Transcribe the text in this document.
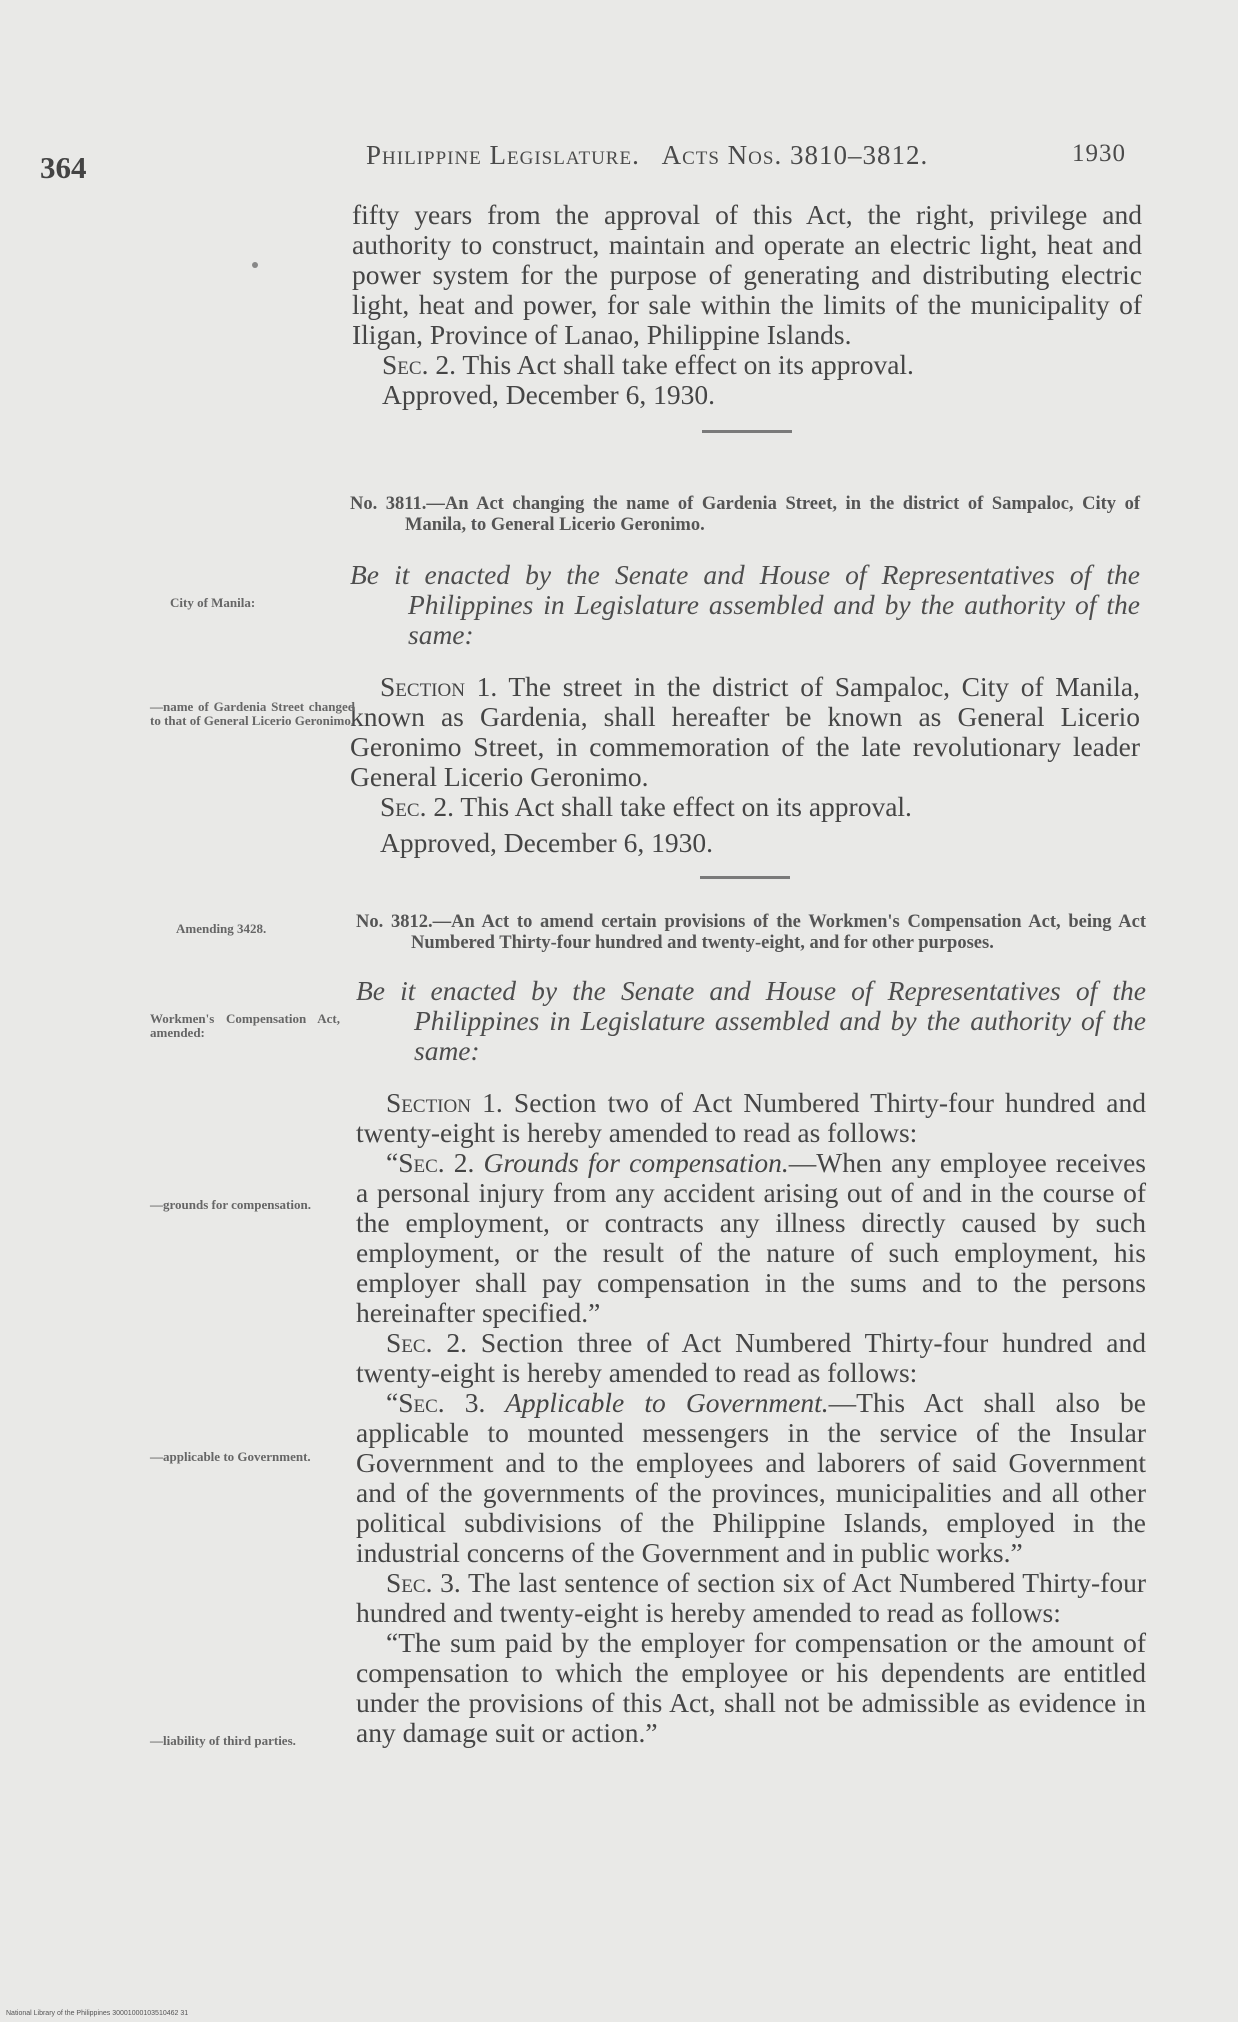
364	Philippine Legislature. Acts Nos. 3810–3812.	1930

fifty years from the approval of this Act, the right, privilege and authority to construct, maintain and operate an electric light, heat and power system for the purpose of generating and distributing electric light, heat and power, for sale within the limits of the municipality of Iligan, Province of Lanao, Philippine Islands.

Sec. 2. This Act shall take effect on its approval.

Approved, December 6, 1930.

No. 3811.—An Act changing the name of Gardenia Street, in the district of Sampaloc, City of Manila, to General Licerio Geronimo.

Be it enacted by the Senate and House of Representatives of the Philippines in Legislature assembled and by the authority of the same:

Section 1. The street in the district of Sampaloc, City of Manila, known as Gardenia, shall hereafter be known as General Licerio Geronimo Street, in commemoration of the late revolutionary leader General Licerio Geronimo.

Sec. 2. This Act shall take effect on its approval.

Approved, December 6, 1930.

No. 3812.—An Act to amend certain provisions of the Workmen's Compensation Act, being Act Numbered Thirty-four hundred and twenty-eight, and for other purposes.

Be it enacted by the Senate and House of Representatives of the Philippines in Legislature assembled and by the authority of the same:

Section 1. Section two of Act Numbered Thirty-four hundred and twenty-eight is hereby amended to read as follows:

“Sec. 2. Grounds for compensation.—When any employee receives a personal injury from any accident arising out of and in the course of the employment, or contracts any illness directly caused by such employment, or the result of the nature of such employment, his employer shall pay compensation in the sums and to the persons hereinafter specified.”

Sec. 2. Section three of Act Numbered Thirty-four hundred and twenty-eight is hereby amended to read as follows:

“Sec. 3. Applicable to Government.—This Act shall also be applicable to mounted messengers in the service of the Insular Government and to the employees and laborers of said Government and of the governments of the provinces, municipalities and all other political subdivisions of the Philippine Islands, employed in the industrial concerns of the Government and in public works.”

Sec. 3. The last sentence of section six of Act Numbered Thirty-four hundred and twenty-eight is hereby amended to read as follows:

“The sum paid by the employer for compensation or the amount of compensation to which the employee or his dependents are entitled under the provisions of this Act, shall not be admissible as evidence in any damage suit or action.”

City of Manila:
—name of Gardenia Street changed to that of General Licerio Geronimo.
Amending 3428.
Workmen's Compensation Act, amended:
—grounds for compensation.
—applicable to Government.
—liability of third parties.
National Library of the Philippines 30001000103510462 31
